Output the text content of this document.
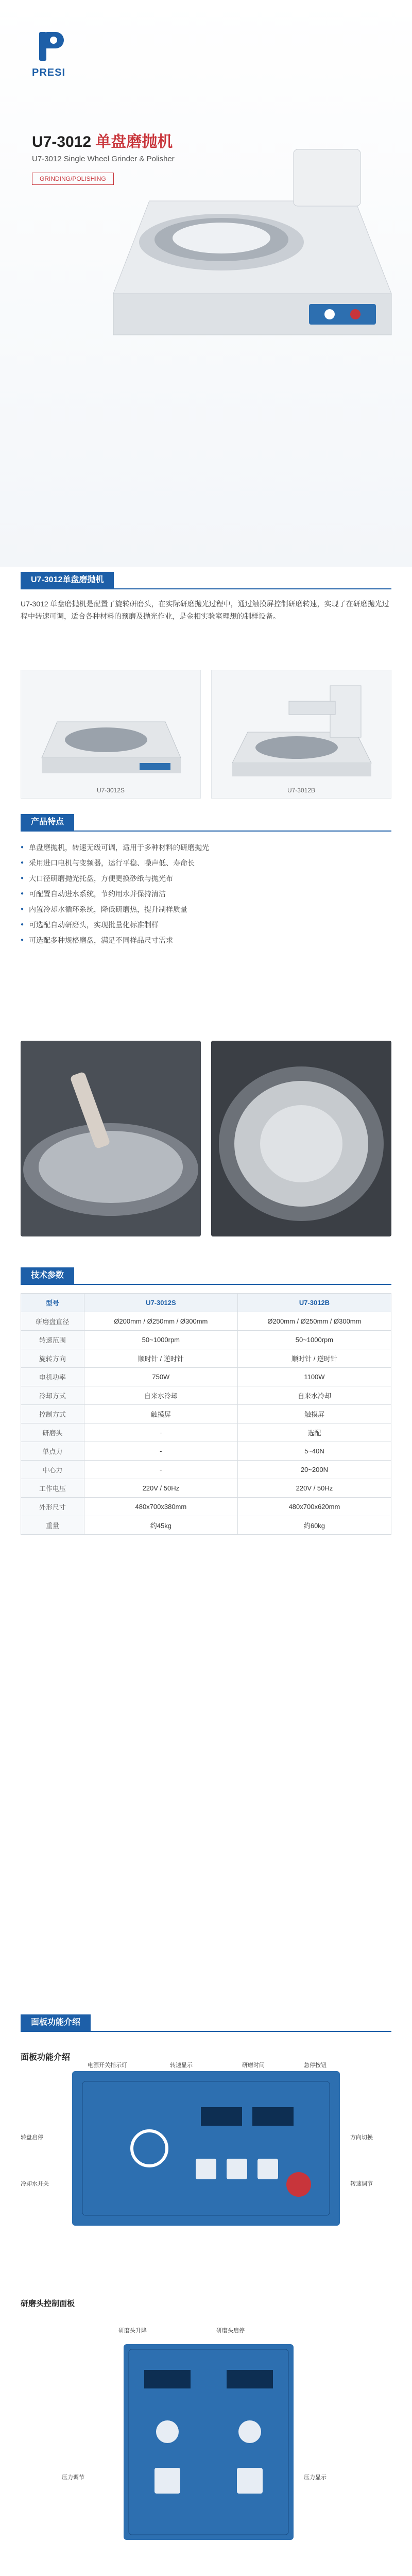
PRESI
U7-3012 单盘磨抛机
U7-3012 Single Wheel Grinder & Polisher
GRINDING/POLISHING
U7-3012单盘磨抛机

U7-3012 单盘磨抛机是配置了旋转研磨头，在实际研磨抛光过程中，通过触摸屏控制研磨转速，实现了在研磨抛光过程中转速可调，适合各种材料的预磨及抛光作业，是金相实验室理想的制样设备。

U7-3012S	U7-3012B
产品特点
● 单盘磨抛机，转速无级可调，适用于多种材料的研磨抛光
● 采用进口电机与变频器，运行平稳、噪声低、寿命长
● 大口径研磨抛光托盘，方便更换砂纸与抛光布
● 可配置自动进水系统，节约用水并保持清洁
● 内置冷却水循环系统，降低研磨热，提升制样质量
● 可选配自动研磨头，实现批量化标准制样
● 可选配多种规格磨盘，满足不同样品尺寸需求
技术参数
型号	U7-3012S	U7-3012B
研磨盘直径	Ø200mm / Ø250mm / Ø300mm	Ø200mm / Ø250mm / Ø300mm
转速范围	50~1000rpm	50~1000rpm
旋转方向	顺时针 / 逆时针	顺时针 / 逆时针
电机功率	750W	1100W
冷却方式	自来水冷却	自来水冷却
控制方式	触摸屏	触摸屏
研磨头	-	选配
单点力	-	5~40N
中心力	-	20~200N
工作电压	220V / 50Hz	220V / 50Hz
外形尺寸	480x700x380mm	480x700x620mm
重量	约45kg	约60kg
面板功能介绍
面板功能介绍
电源开关指示灯	转速显示	研磨时间	急停按钮
转盘启停
冷却水开关
方向切换
转速调节
研磨头控制面板
研磨头升降	研磨头启停
压力调节	压力显示
